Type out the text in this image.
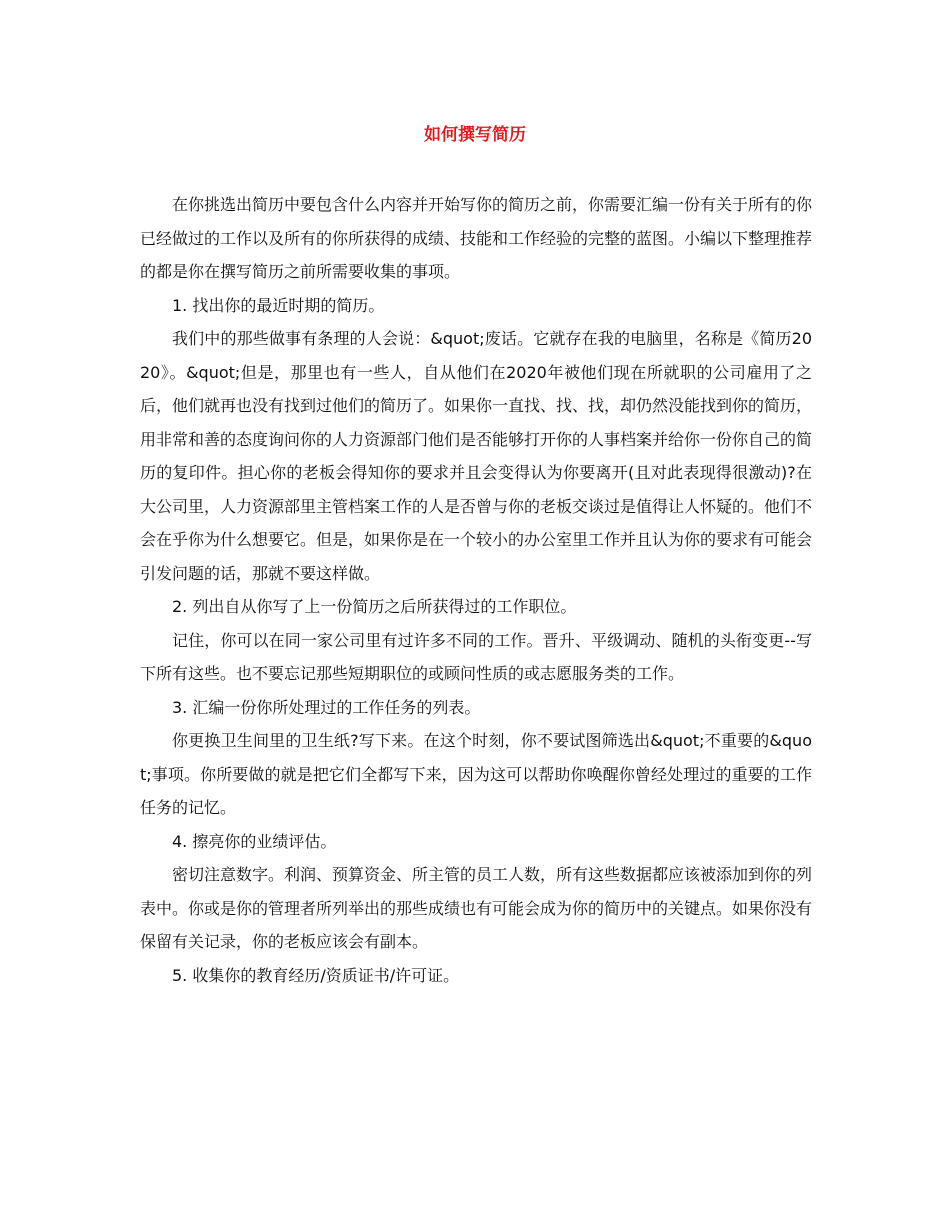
如何撰写简历

在你挑选出简历中要包含什么内容并开始写你的简历之前，你需要汇编一份有关于所有的你已经做过的工作以及所有的你所获得的成绩、技能和工作经验的完整的蓝图。小编以下整理推荐的都是你在撰写简历之前所需要收集的事项。

1. 找出你的最近时期的简历。

我们中的那些做事有条理的人会说：&quot;废话。它就存在我的电脑里，名称是《简历2020》。&quot;但是，那里也有一些人，自从他们在2020年被他们现在所就职的公司雇用了之后，他们就再也没有找到过他们的简历了。如果你一直找、找、找，却仍然没能找到你的简历，用非常和善的态度询问你的人力资源部门他们是否能够打开你的人事档案并给你一份你自己的简历的复印件。担心你的老板会得知你的要求并且会变得认为你要离开(且对此表现得很激动)?在大公司里，人力资源部里主管档案工作的人是否曾与你的老板交谈过是值得让人怀疑的。他们不会在乎你为什么想要它。但是，如果你是在一个较小的办公室里工作并且认为你的要求有可能会引发问题的话，那就不要这样做。

2. 列出自从你写了上一份简历之后所获得过的工作职位。

记住，你可以在同一家公司里有过许多不同的工作。晋升、平级调动、随机的头衔变更--写下所有这些。也不要忘记那些短期职位的或顾问性质的或志愿服务类的工作。

3. 汇编一份你所处理过的工作任务的列表。

你更换卫生间里的卫生纸?写下来。在这个时刻，你不要试图筛选出&quot;不重要的&quot;事项。你所要做的就是把它们全都写下来，因为这可以帮助你唤醒你曾经处理过的重要的工作任务的记忆。

4. 擦亮你的业绩评估。

密切注意数字。利润、预算资金、所主管的员工人数，所有这些数据都应该被添加到你的列表中。你或是你的管理者所列举出的那些成绩也有可能会成为你的简历中的关键点。如果你没有保留有关记录，你的老板应该会有副本。

5. 收集你的教育经历/资质证书/许可证。
